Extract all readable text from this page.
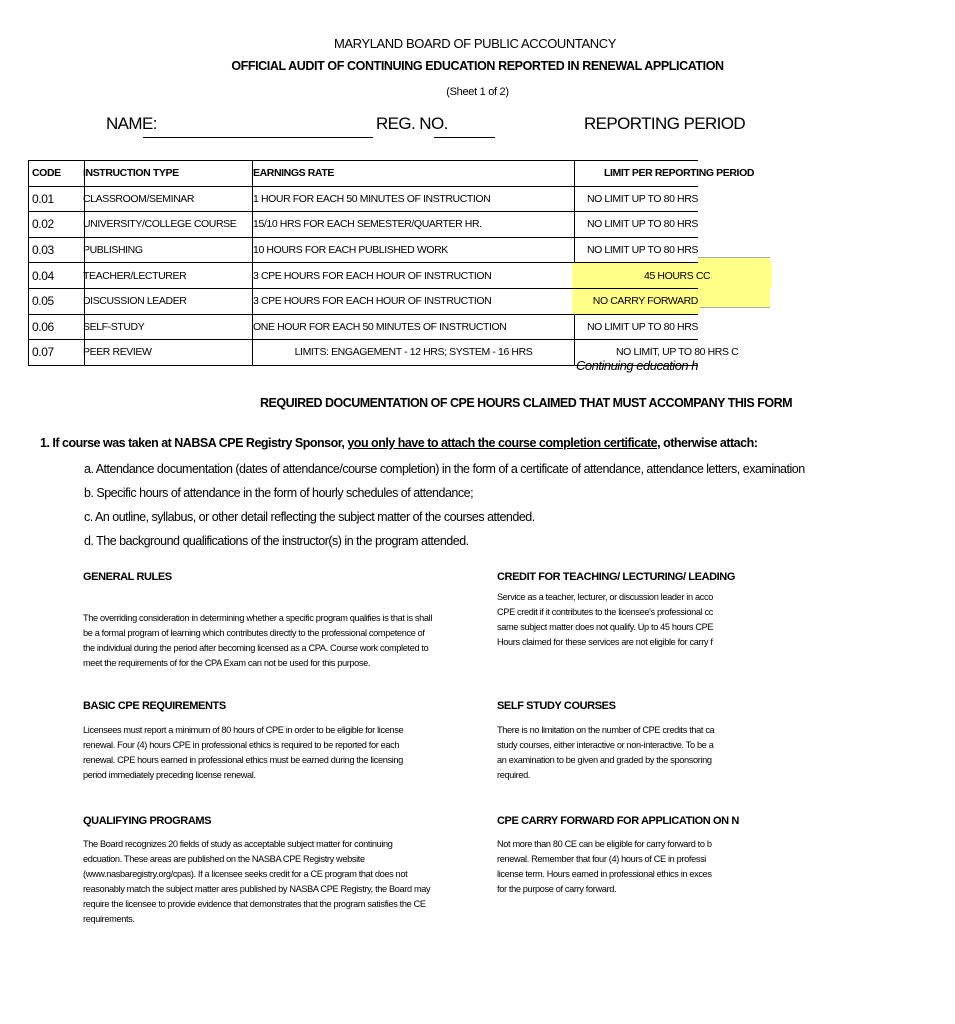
MARYLAND BOARD OF PUBLIC ACCOUNTANCY
OFFICIAL AUDIT OF CONTINUING EDUCATION REPORTED IN RENEWAL APPLICATION
(Sheet 1 of 2)
NAME:	REG. NO.	REPORTING PERIOD
CODE	INSTRUCTION TYPE	EARNINGS RATE	LIMIT PER REPORTING PERIOD
0.01	CLASSROOM/SEMINAR	1 HOUR FOR EACH 50 MINUTES OF INSTRUCTION	NO LIMIT UP TO 80 HRS
0.02	UNIVERSITY/COLLEGE COURSE	15/10 HRS FOR EACH SEMESTER/QUARTER HR.	NO LIMIT UP TO 80 HRS
0.03	PUBLISHING	10 HOURS FOR EACH PUBLISHED WORK	NO LIMIT UP TO 80 HRS
0.04	TEACHER/LECTURER	3 CPE HOURS FOR EACH HOUR OF INSTRUCTION	45 HOURS CC
0.05	DISCUSSION LEADER	3 CPE HOURS FOR EACH HOUR OF INSTRUCTION	NO CARRY FORWARD
0.06	SELF-STUDY	ONE HOUR FOR EACH 50 MINUTES OF INSTRUCTION	NO LIMIT UP TO 80 HRS
0.07	PEER REVIEW	LIMITS: ENGAGEMENT - 12 HRS; SYSTEM - 16 HRS	NO LIMIT, UP TO 80 HRS C
Continuing education h
REQUIRED DOCUMENTATION OF CPE HOURS CLAIMED THAT MUST ACCOMPANY THIS FORM
1. If course was taken at NABSA CPE Registry Sponsor, you only have to attach the course completion certificate, otherwise attach:
a. Attendance documentation (dates of attendance/course completion) in the form of a certificate of attendance, attendance letters, examination
b. Specific hours of attendance in the form of hourly schedules of attendance;
c. An outline, syllabus, or other detail reflecting the subject matter of the courses attended.
d. The background qualifications of the instructor(s) in the program attended.
GENERAL RULES
The overriding consideration in determining whether a specific program qualifies is that is shall be a formal program of learning which contributes directly to the professional competence of the individual during the period after becoming licensed as a CPA. Course work completed to meet the requirements of for the CPA Exam can not be used for this purpose.
BASIC CPE REQUIREMENTS
Licensees must report a minimum of 80 hours of CPE in order to be eligible for license renewal. Four (4) hours CPE in professional ethics is required to be reported for each renewal. CPE hours earned in professional ethics must be earned during the licensing period immediately preceding license renewal.
QUALIFYING PROGRAMS
The Board recognizes 20 fields of study as acceptable subject matter for continuing edcuation. These areas are published on the NASBA CPE Registry website (www.nasbaregistry.org/cpas). If a licensee seeks credit for a CE program that does not reasonably match the subject matter ares published by NASBA CPE Registry, the Board may require the licensee to provide evidence that demonstrates that the program satisfies the CE requirements.
CREDIT FOR TEACHING/ LECTURING/ LEADING
Service as a teacher, lecturer, or discussion leader in acco
CPE credit if it contributes to the licensee's professional cc
same subject matter does not qualify. Up to 45 hours CPE
Hours claimed for these services are not eligible for carry f
SELF STUDY COURSES
There is no limitation on the number of CPE credits that ca
study courses, either interactive or non-interactive. To be a
an examination to be given and graded by the sponsoring
required.
CPE CARRY FORWARD FOR APPLICATION ON N
Not more than 80 CE can be eligible for carry forward to b
renewal. Remember that four (4) hours of CE in professi
license term. Hours earned in professional ethics in exces
for the purpose of carry forward.
